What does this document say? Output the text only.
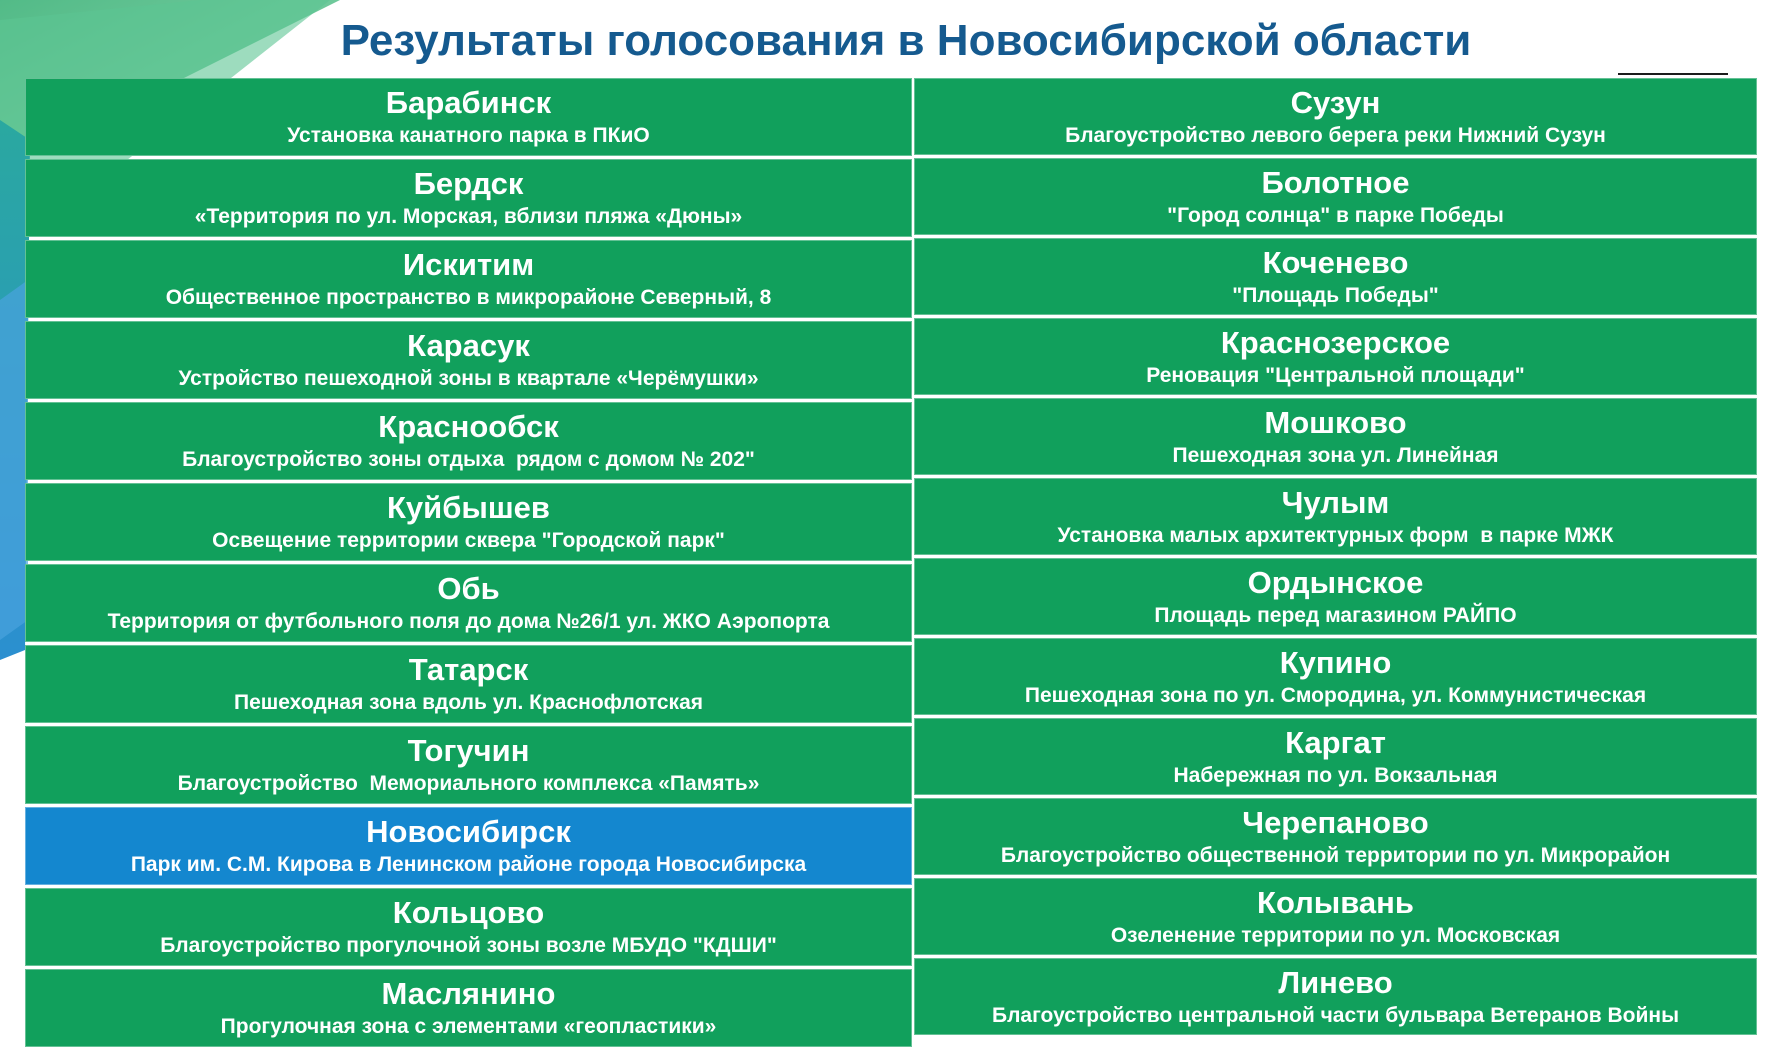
Результаты голосования в Новосибирской области
Барабинск
Установка канатного парка в ПКиО
Бердск
«Территория по ул. Морская, вблизи пляжа «Дюны»
Искитим
Общественное пространство в микрорайоне Северный, 8
Карасук
Устройство пешеходной зоны в квартале «Черёмушки»
Краснообск
Благоустройство зоны отдыха  рядом с домом № 202"
Куйбышев
Освещение территории сквера "Городской парк"
Обь
Территория от футбольного поля до дома №26/1 ул. ЖКО Аэропорта
Татарск
Пешеходная зона вдоль ул. Краснофлотская
Тогучин
Благоустройство  Мемориального комплекса «Память»
Новосибирск
Парк им. С.М. Кирова в Ленинском районе города Новосибирска
Кольцово
Благоустройство прогулочной зоны возле МБУДО "КДШИ"
Маслянино
Прогулочная зона с элементами «геопластики»
Сузун
Благоустройство левого берега реки Нижний Сузун
Болотное
"Город солнца" в парке Победы
Коченево
"Площадь Победы"
Краснозерское
Реновация "Центральной площади"
Мошково
Пешеходная зона ул. Линейная
Чулым
Установка малых архитектурных форм  в парке МЖК
Ордынское
Площадь перед магазином РАЙПО
Купино
Пешеходная зона по ул. Смородина, ул. Коммунистическая
Каргат
Набережная по ул. Вокзальная
Черепаново
Благоустройство общественной территории по ул. Микрорайон
Колывань
Озеленение территории по ул. Московская
Линево
Благоустройство центральной части бульвара Ветеранов Войны
